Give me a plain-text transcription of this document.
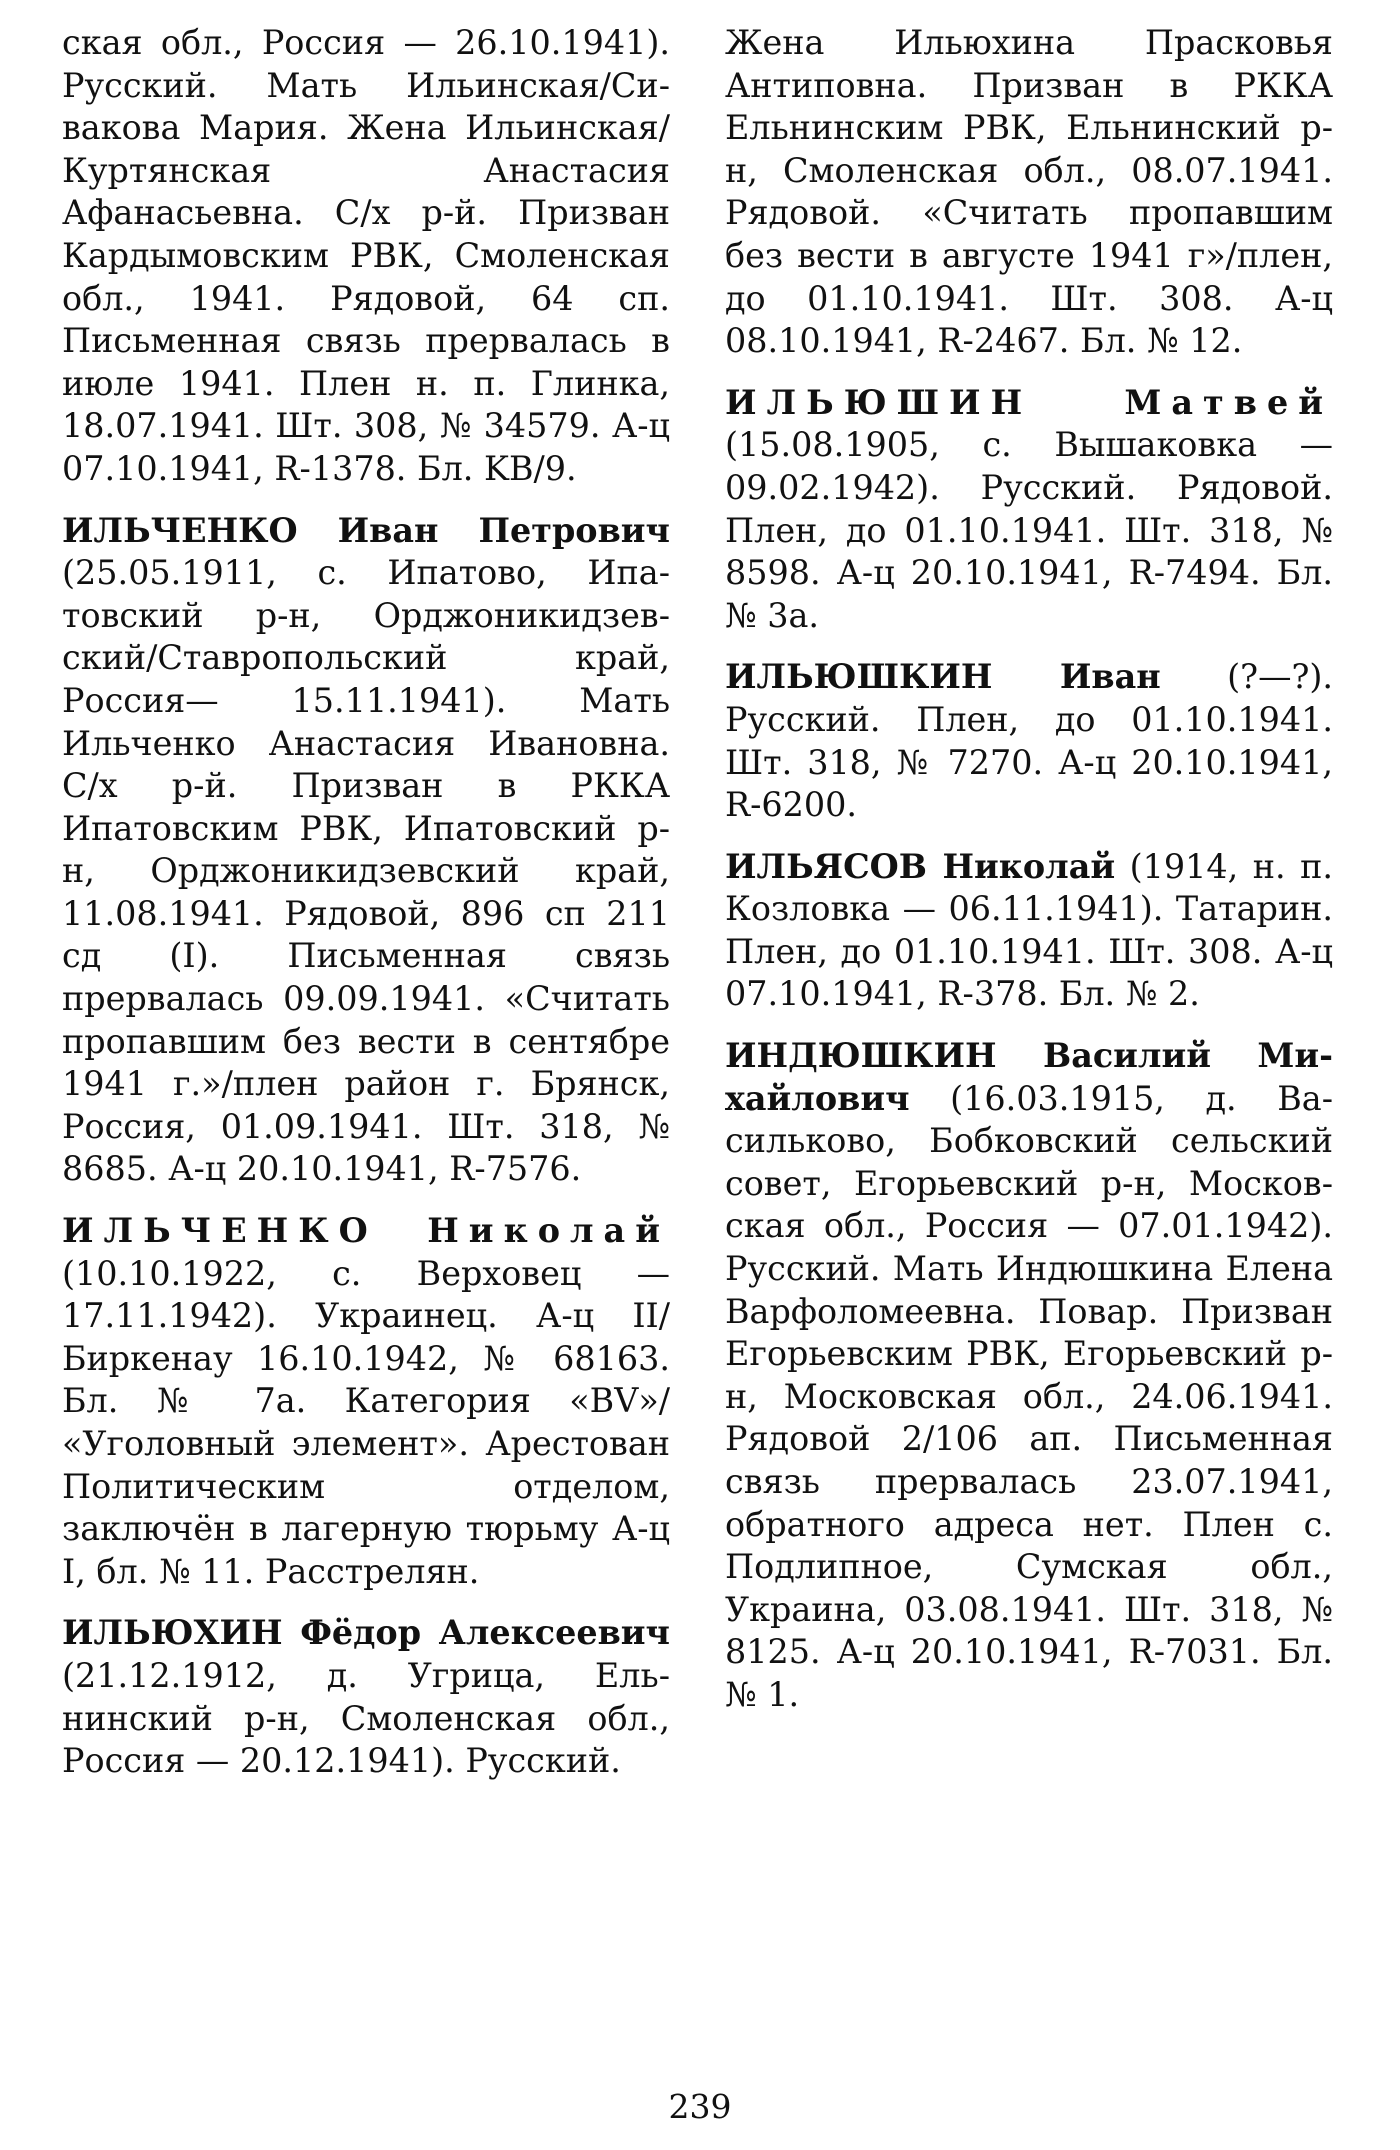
ская обл., Россия — 26.10.1941). Русский. Мать Ильинская/Сивакова Мария. Жена Ильинская/Куртянская Анастасия Афанасьевна. С/х р-й. Призван Кардымовским РВК, Смоленская обл., 1941. Рядовой, 64 сп. Письменная связь прервалась в июле 1941. Плен н. п. Глинка, 18.07.1941. Шт. 308, № 34579. А-ц 07.10.1941, R-1378. Бл. KB/9.

ИЛЬЧЕНКО Иван Петрович (25.05.1911, с. Ипатово, Ипатовский р-н, Орджоникидзевский/Ставропольский край, Россия— 15.11.1941). Мать Ильченко Анастасия Ивановна. С/х р-й. Призван в РККА Ипатовским РВК, Ипатовский р-н, Орджоникидзевский край, 11.08.1941. Рядовой, 896 сп 211 сд (I). Письменная связь прервалась 09.09.1941. «Считать пропавшим без вести в сентябре 1941 г.»/плен район г. Брянск, Россия, 01.09.1941. Шт. 318, № 8685. А-ц 20.10.1941, R-7576.

ИЛЬЧЕНКО Николай (10.10.1922, с. Верховец — 17.11.1942). Украинец. А-ц II/Биркенау 16.10.1942, № 68163. Бл. № 7а. Категория «BV»/ «Уголовный элемент». Арестован Политическим отделом, заключён в лагерную тюрьму А-ц I, бл. № 11. Расстрелян.

ИЛЬЮХИН Фёдор Алексеевич (21.12.1912, д. Угрица, Ельнинский р-н, Смоленская обл., Россия — 20.12.1941). Русский.

Жена Ильюхина Прасковья Антиповна. Призван в РККА Ельнинским РВК, Ельнинский р-н, Смоленская обл., 08.07.1941. Рядовой. «Считать пропавшим без вести в августе 1941 г»/плен, до 01.10.1941. Шт. 308. А-ц 08.10.1941, R-2467. Бл. № 12.

ИЛЬЮШИН Матвей (15.08.1905, с. Вышаковка — 09.02.1942). Русский. Рядовой. Плен, до 01.10.1941. Шт. 318, № 8598. А-ц 20.10.1941, R-7494. Бл. № 3а.

ИЛЬЮШКИН Иван (?—?). Русский. Плен, до 01.10.1941. Шт. 318, № 7270. А-ц 20.10.1941, R-6200.

ИЛЬЯСОВ Николай (1914, н. п. Козловка — 06.11.1941). Татарин. Плен, до 01.10.1941. Шт. 308. А-ц 07.10.1941, R-378. Бл. № 2.

ИНДЮШКИН Василий Михайлович (16.03.1915, д. Васильково, Бобковский сельский совет, Егорьевский р-н, Московская обл., Россия — 07.01.1942). Русский. Мать Индюшкина Елена Варфоломеевна. Повар. Призван Егорьевским РВК, Егорьевский р-н, Московская обл., 24.06.1941. Рядовой 2/106 ап. Письменная связь прервалась 23.07.1941, обратного адреса нет. Плен с. Подлипное, Сумская обл., Украина, 03.08.1941. Шт. 318, № 8125. А-ц 20.10.1941, R-7031. Бл. № 1.

239
